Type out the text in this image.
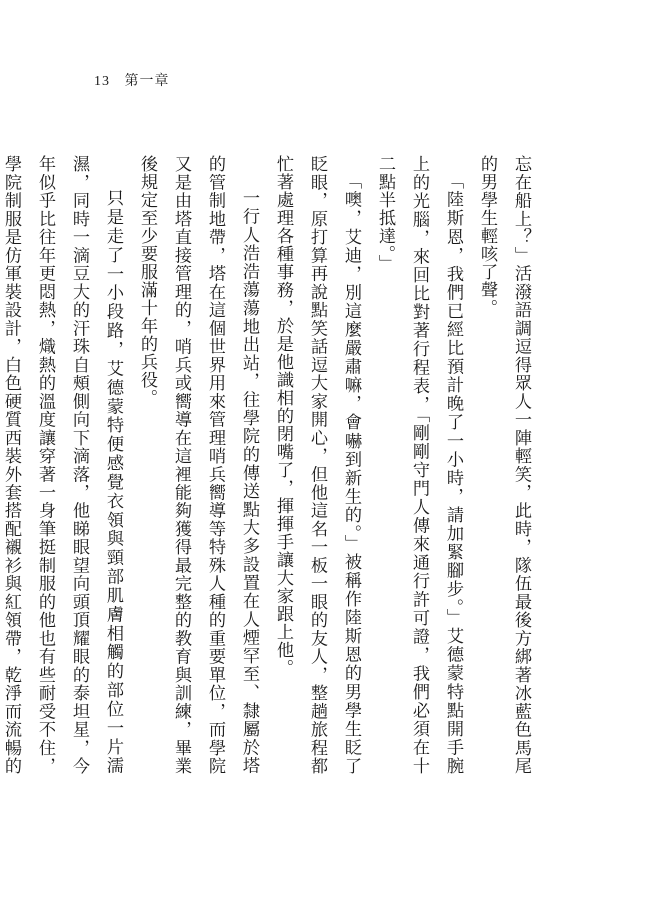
13 第一章

忘在船上？」活潑語調逗得眾人一陣輕笑，此時，隊伍最後方綁著冰藍色馬尾的男學生輕咳了聲。

「陸斯恩，我們已經比預計晚了一小時，請加緊腳步。」艾德蒙特點開手腕上的光腦，來回比對著行程表，「剛剛守門人傳來通行許可證，我們必須在十二點半抵達。」

「噢，艾迪，別這麼嚴肅嘛，會嚇到新生的。」被稱作陸斯恩的男學生眨了眨眼，原打算再說點笑話逗大家開心，但他這名一板一眼的友人，整趟旅程都忙著處理各種事務，於是他識相的閉嘴了，揮揮手讓大家跟上他。

一行人浩浩蕩蕩地出站，往學院的傳送點大多設置在人煙罕至、隸屬於塔的管制地帶，塔在這個世界用來管理哨兵嚮導等特殊人種的重要單位，而學院又是由塔直接管理的，哨兵或嚮導在這裡能夠獲得最完整的教育與訓練，畢業後規定至少要服滿十年的兵役。

只是走了一小段路，艾德蒙特便感覺衣領與頸部肌膚相觸的部位一片濡濕，同時一滴豆大的汗珠自頰側向下滴落，他睇眼望向頭頂耀眼的泰坦星，今年似乎比往年更悶熱，熾熱的溫度讓穿著一身筆挺制服的他也有些耐受不住，學院制服是仿軍裝設計，白色硬質西裝外套搭配襯衫與紅領帶，乾淨而流暢的
